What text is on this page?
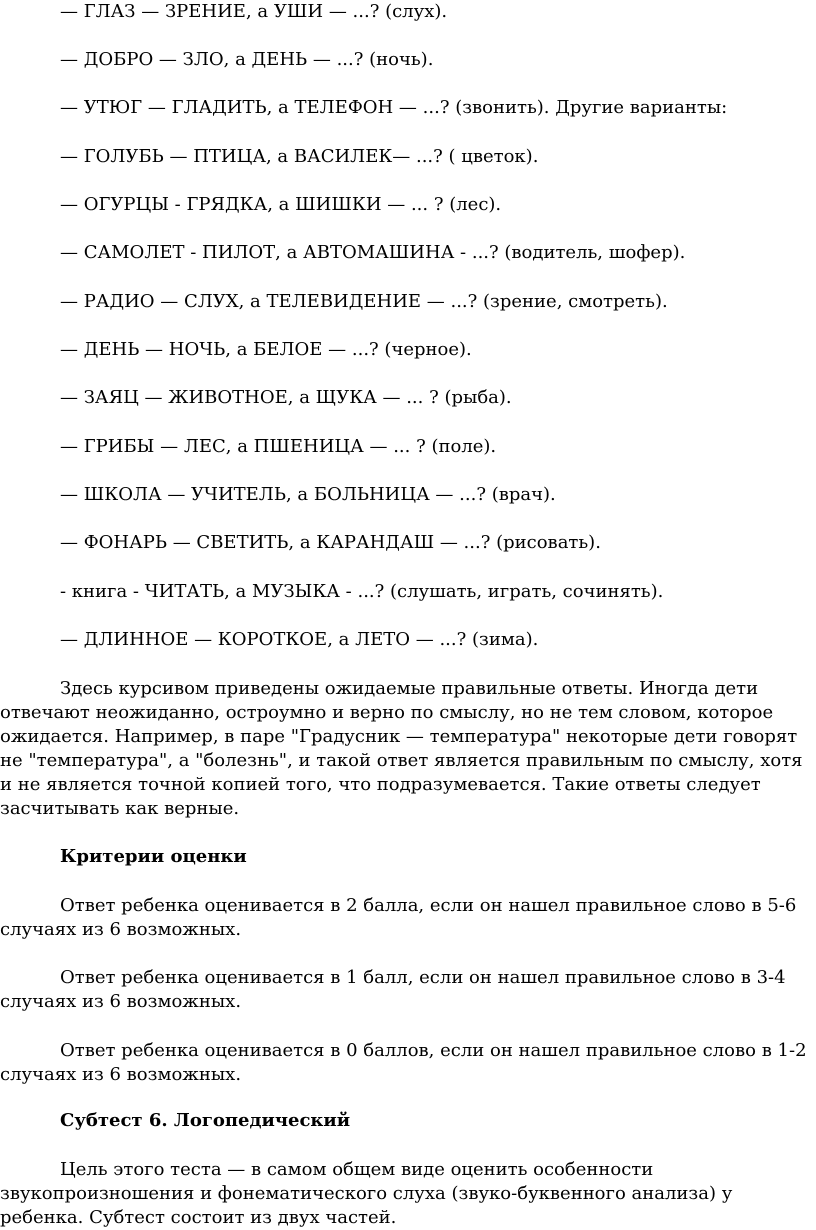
— ГЛАЗ — ЗРЕНИЕ, а УШИ — ...? (слух).
— ДОБРО — ЗЛО, а ДЕНЬ — ...? (ночь).
— УТЮГ — ГЛАДИТЬ, а ТЕЛЕФОН — ...? (звонить). Другие варианты:
— ГОЛУБЬ — ПТИЦА, а ВАСИЛЕК— ...? ( цветок).
— ОГУРЦЫ - ГРЯДКА, а ШИШКИ — ... ? (лес).
— САМОЛЕТ - ПИЛОТ, а АВТОМАШИНА - ...? (водитель, шофер).
— РАДИО — СЛУХ, а ТЕЛЕВИДЕНИЕ — ...? (зрение, смотреть).
— ДЕНЬ — НОЧЬ, а БЕЛОЕ — ...? (черное).
— ЗАЯЦ — ЖИВОТНОЕ, а ЩУКА — ... ? (рыба).
— ГРИБЫ — ЛЕС, а ПШЕНИЦА — ... ? (поле).
— ШКОЛА — УЧИТЕЛЬ, а БОЛЬНИЦА — ...? (врач).
— ФОНАРЬ — СВЕТИТЬ, а КАРАНДАШ — ...? (рисовать).
- книга - ЧИТАТЬ, а МУЗЫКА - ...? (слушать, играть, сочинять).
— ДЛИННОЕ — КОРОТКОЕ, а ЛЕТО — ...? (зима).

Здесь курсивом приведены ожидаемые правильные ответы. Иногда дети отвечают неожиданно, остроумно и верно по смыслу, но не тем словом, которое ожидается. Например, в паре "Градусник — температура" некоторые дети говорят не "температура", а "болезнь", и такой ответ является правильным по смыслу, хотя и не является точной копией того, что подразумевается. Такие ответы следует засчитывать как верные.

Критерии оценки

Ответ ребенка оценивается в 2 балла, если он нашел правильное слово в 5-6 случаях из 6 возможных.

Ответ ребенка оценивается в 1 балл, если он нашел правильное слово в 3-4 случаях из 6 возможных.

Ответ ребенка оценивается в 0 баллов, если он нашел правильное слово в 1-2 случаях из 6 возможных.

Субтест 6. Логопедический

Цель этого теста — в самом общем виде оценить особенности звукопроизношения и фонематического слуха (звуко-буквенного анализа) у ребенка. Субтест состоит из двух частей.
